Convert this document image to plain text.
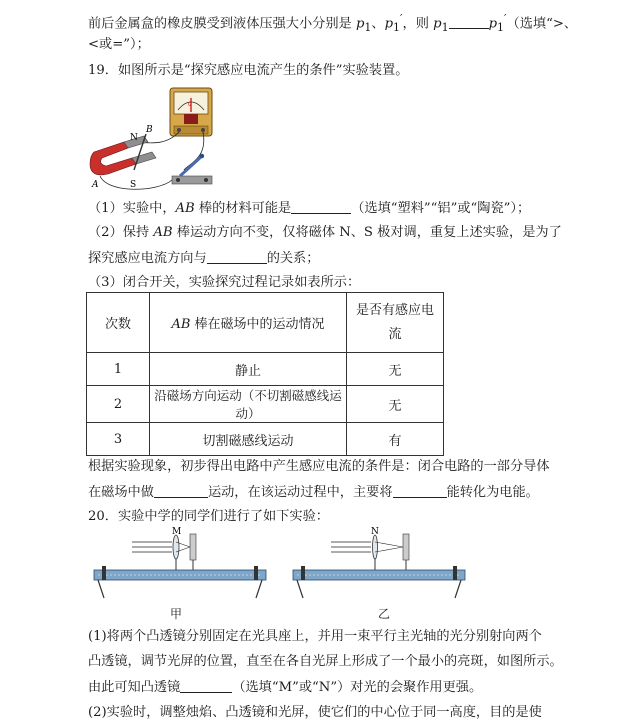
前后金属盒的橡皮膜受到液体压强大小分别是 $p_1$、$p_1'$，则 $p_1$	$p_1'$（选填“>、
<或=”）；
19．如图所示是“探究感应电流产生的条件”实验装置。
G
N
B
A	S
（1）实验中，AB 棒的材料可能是	（选填“塑料”“铝”或“陶瓷”）；
（2）保持 AB 棒运动方向不变，仅将磁体 N、S 极对调，重复上述实验，是为了
探究感应电流方向与	的关系；
（3）闭合开关，实验探究过程记录如表所示：
次数	AB 棒在磁场中的运动情况	是否有感应电
流

1	静止	无
2	沿磁场方向运动（不切割磁感线运动）	无
3	切割磁感线运动	有
根据实验现象，初步得出电路中产生感应电流的条件是：闭合电路的一部分导体
在磁场中做	运动，在该运动过程中，主要将	能转化为电能。
20．实验中学的同学们进行了如下实验：
M	N
甲	乙
(1)将两个凸透镜分别固定在光具座上，并用一束平行主光轴的光分别射向两个
凸透镜，调节光屏的位置，直至在各自光屏上形成了一个最小的亮斑，如图所示。
由此可知凸透镜	（选填“M”或“N”）对光的会聚作用更强。
(2)实验时，调整烛焰、凸透镜和光屏，使它们的中心位于同一高度，目的是使
